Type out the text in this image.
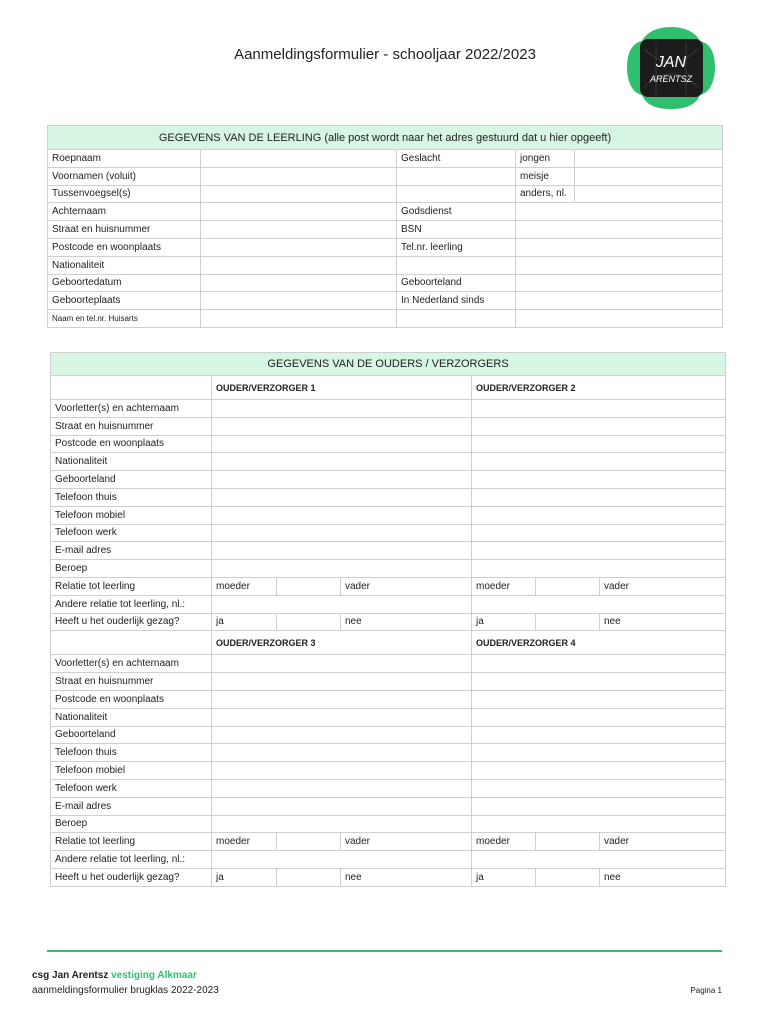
Aanmeldingsformulier - schooljaar 2022/2023	JAN
ARENTSZ
GEGEVENS VAN DE LEERLING (alle post wordt naar het adres gestuurd dat u hier opgeeft)				
Roepnaam		Geslacht	jongen	
Voornamen (voluit)			meisje	
Tussenvoegsel(s)			anders, nl.	
Achternaam		Godsdienst		
Straat en huisnummer		BSN		
Postcode en woonplaats		Tel.nr. leerling		
Nationaliteit				
Geboortedatum		Geboorteland		
Geboorteplaats		In Nederland sinds		
Naam en tel.nr. Huisarts				
GEGEVENS VAN DE OUDERS / VERZORGERS						
	OUDER/VERZORGER 1			OUDER/VERZORGER 2		
Voorletter(s) en achternaam						
Straat en huisnummer						
Postcode en woonplaats						
Nationaliteit						
Geboorteland						
Telefoon thuis						
Telefoon mobiel						
Telefoon werk						
E-mail adres						
Beroep						
Relatie tot leerling	moeder		vader	moeder		vader
Andere relatie tot leerling, nl.:						
Heeft u het ouderlijk gezag?	ja		nee	ja		nee
	OUDER/VERZORGER 3			OUDER/VERZORGER 4		
Voorletter(s) en achternaam						
Straat en huisnummer						
Postcode en woonplaats						
Nationaliteit						
Geboorteland						
Telefoon thuis						
Telefoon mobiel						
Telefoon werk						
E-mail adres						
Beroep						
Relatie tot leerling	moeder		vader	moeder		vader
Andere relatie tot leerling, nl.:						
Heeft u het ouderlijk gezag?	ja		nee	ja		nee
csg Jan Arentsz vestiging Alkmaar
aanmeldingsformulier brugklas 2022-2023	Pagina 1
